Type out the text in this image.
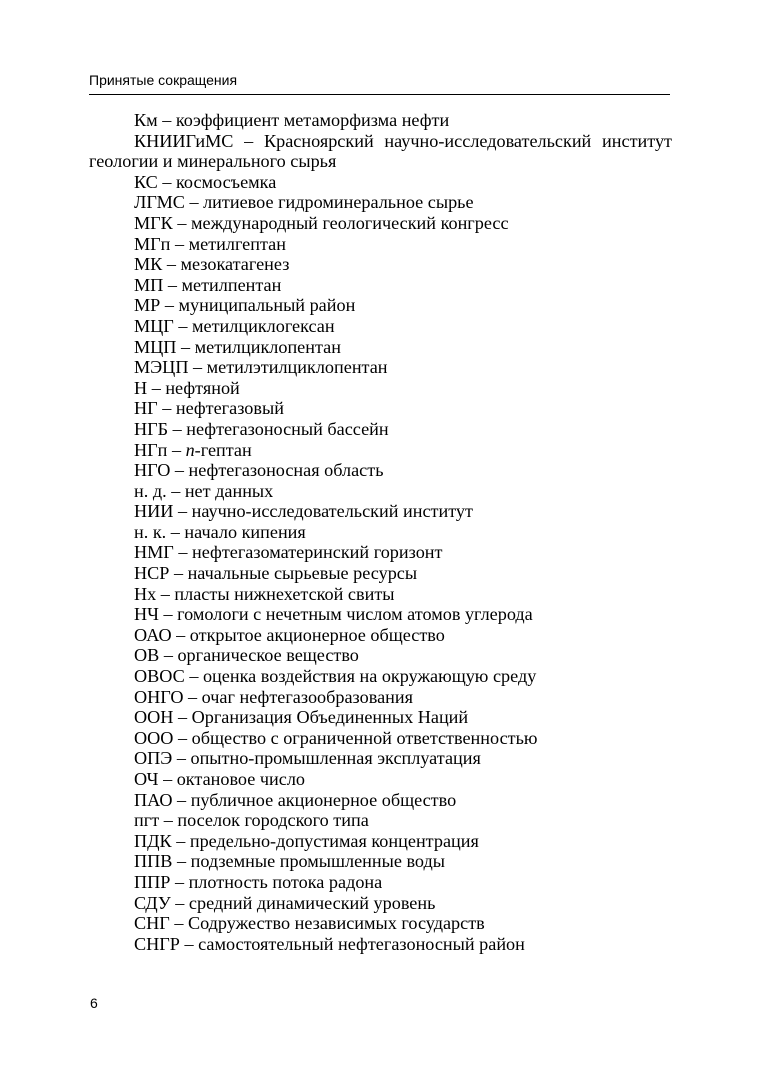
Принятые сокращения
Км – коэффициент метаморфизма нефти
КНИИГиМС – Красноярский научно-исследовательский институт геологии и минерального сырья
КС – космосъемка
ЛГМС – литиевое гидроминеральное сырье
МГК – международный геологический конгресс
МГп – метилгептан
МК – мезокатагенез
МП – метилпентан
МР – муниципальный район
МЦГ – метилциклогексан
МЦП – метилциклопентан
МЭЦП – метилэтилциклопентан
Н – нефтяной
НГ – нефтегазовый
НГБ – нефтегазоносный бассейн
НГп – n-гептан
НГО – нефтегазоносная область
н. д. – нет данных
НИИ – научно-исследовательский институт
н. к. – начало кипения
НМГ – нефтегазоматеринский горизонт
НСР – начальные сырьевые ресурсы
Нх – пласты нижнехетской свиты
НЧ – гомологи с нечетным числом атомов углерода
ОАО – открытое акционерное общество
ОВ – органическое вещество
ОВОС – оценка воздействия на окружающую среду
ОНГО – очаг нефтегазообразования
ООН – Организация Объединенных Наций
ООО – общество с ограниченной ответственностью
ОПЭ – опытно-промышленная эксплуатация
ОЧ – октановое число
ПАО – публичное акционерное общество
пгт – поселок городского типа
ПДК – предельно-допустимая концентрация
ППВ – подземные промышленные воды
ППР – плотность потока радона
СДУ – средний динамический уровень
СНГ – Содружество независимых государств
СНГР – самостоятельный нефтегазоносный район
6
